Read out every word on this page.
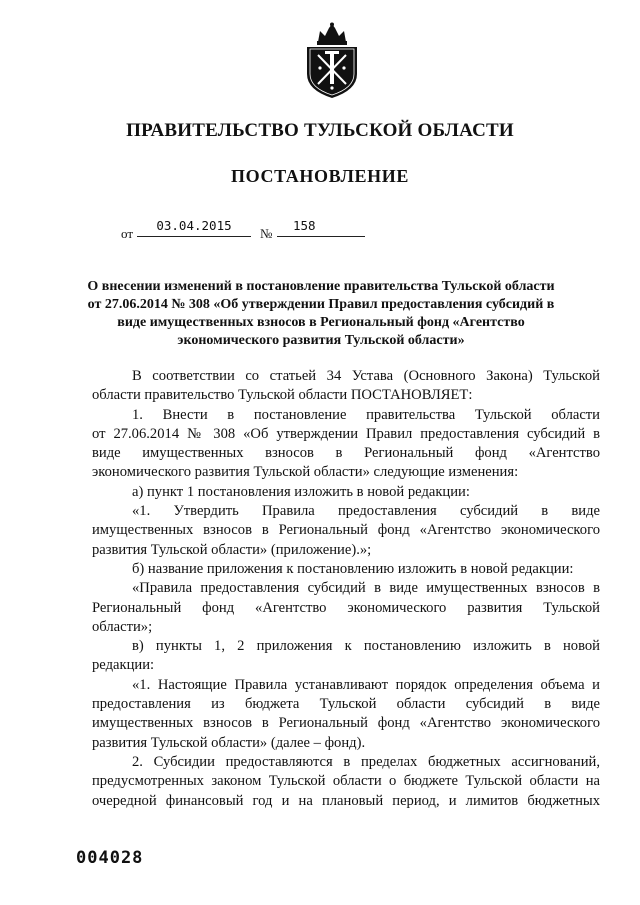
ПРАВИТЕЛЬСТВО ТУЛЬСКОЙ ОБЛАСТИ
ПОСТАНОВЛЕНИЕ
от
03.04.2015
№
158
О внесении изменений в постановление правительства Тульской области от 27.06.2014 № 308 «Об утверждении Правил предоставления субсидий в виде имущественных взносов в Региональный фонд «Агентство экономического развития Тульской области»

В соответствии со статьей 34 Устава (Основного Закона) Тульской

области правительство Тульской области ПОСТАНОВЛЯЕТ:

1. Внести в постановление правительства Тульской области

от 27.06.2014 № 308 «Об утверждении Правил предоставления субсидий в

виде имущественных взносов в Региональный фонд «Агентство

экономического развития Тульской области» следующие изменения:

а) пункт 1 постановления изложить в новой редакции:

«1. Утвердить Правила предоставления субсидий в виде

имущественных взносов в Региональный фонд «Агентство экономического

развития Тульской области» (приложение).»;

б) название приложения к постановлению изложить в новой редакции:

«Правила предоставления субсидий в виде имущественных взносов в

Региональный фонд «Агентство экономического развития Тульской

области»;

в) пункты 1, 2 приложения к постановлению изложить в новой

редакции:

«1. Настоящие Правила устанавливают порядок определения объема и

предоставления из бюджета Тульской области субсидий в виде

имущественных взносов в Региональный фонд «Агентство экономического

развития Тульской области» (далее – фонд).

2. Субсидии предоставляются в пределах бюджетных ассигнований,

предусмотренных законом Тульской области о бюджете Тульской области на

очередной финансовый год и на плановый период, и лимитов бюджетных

004028
